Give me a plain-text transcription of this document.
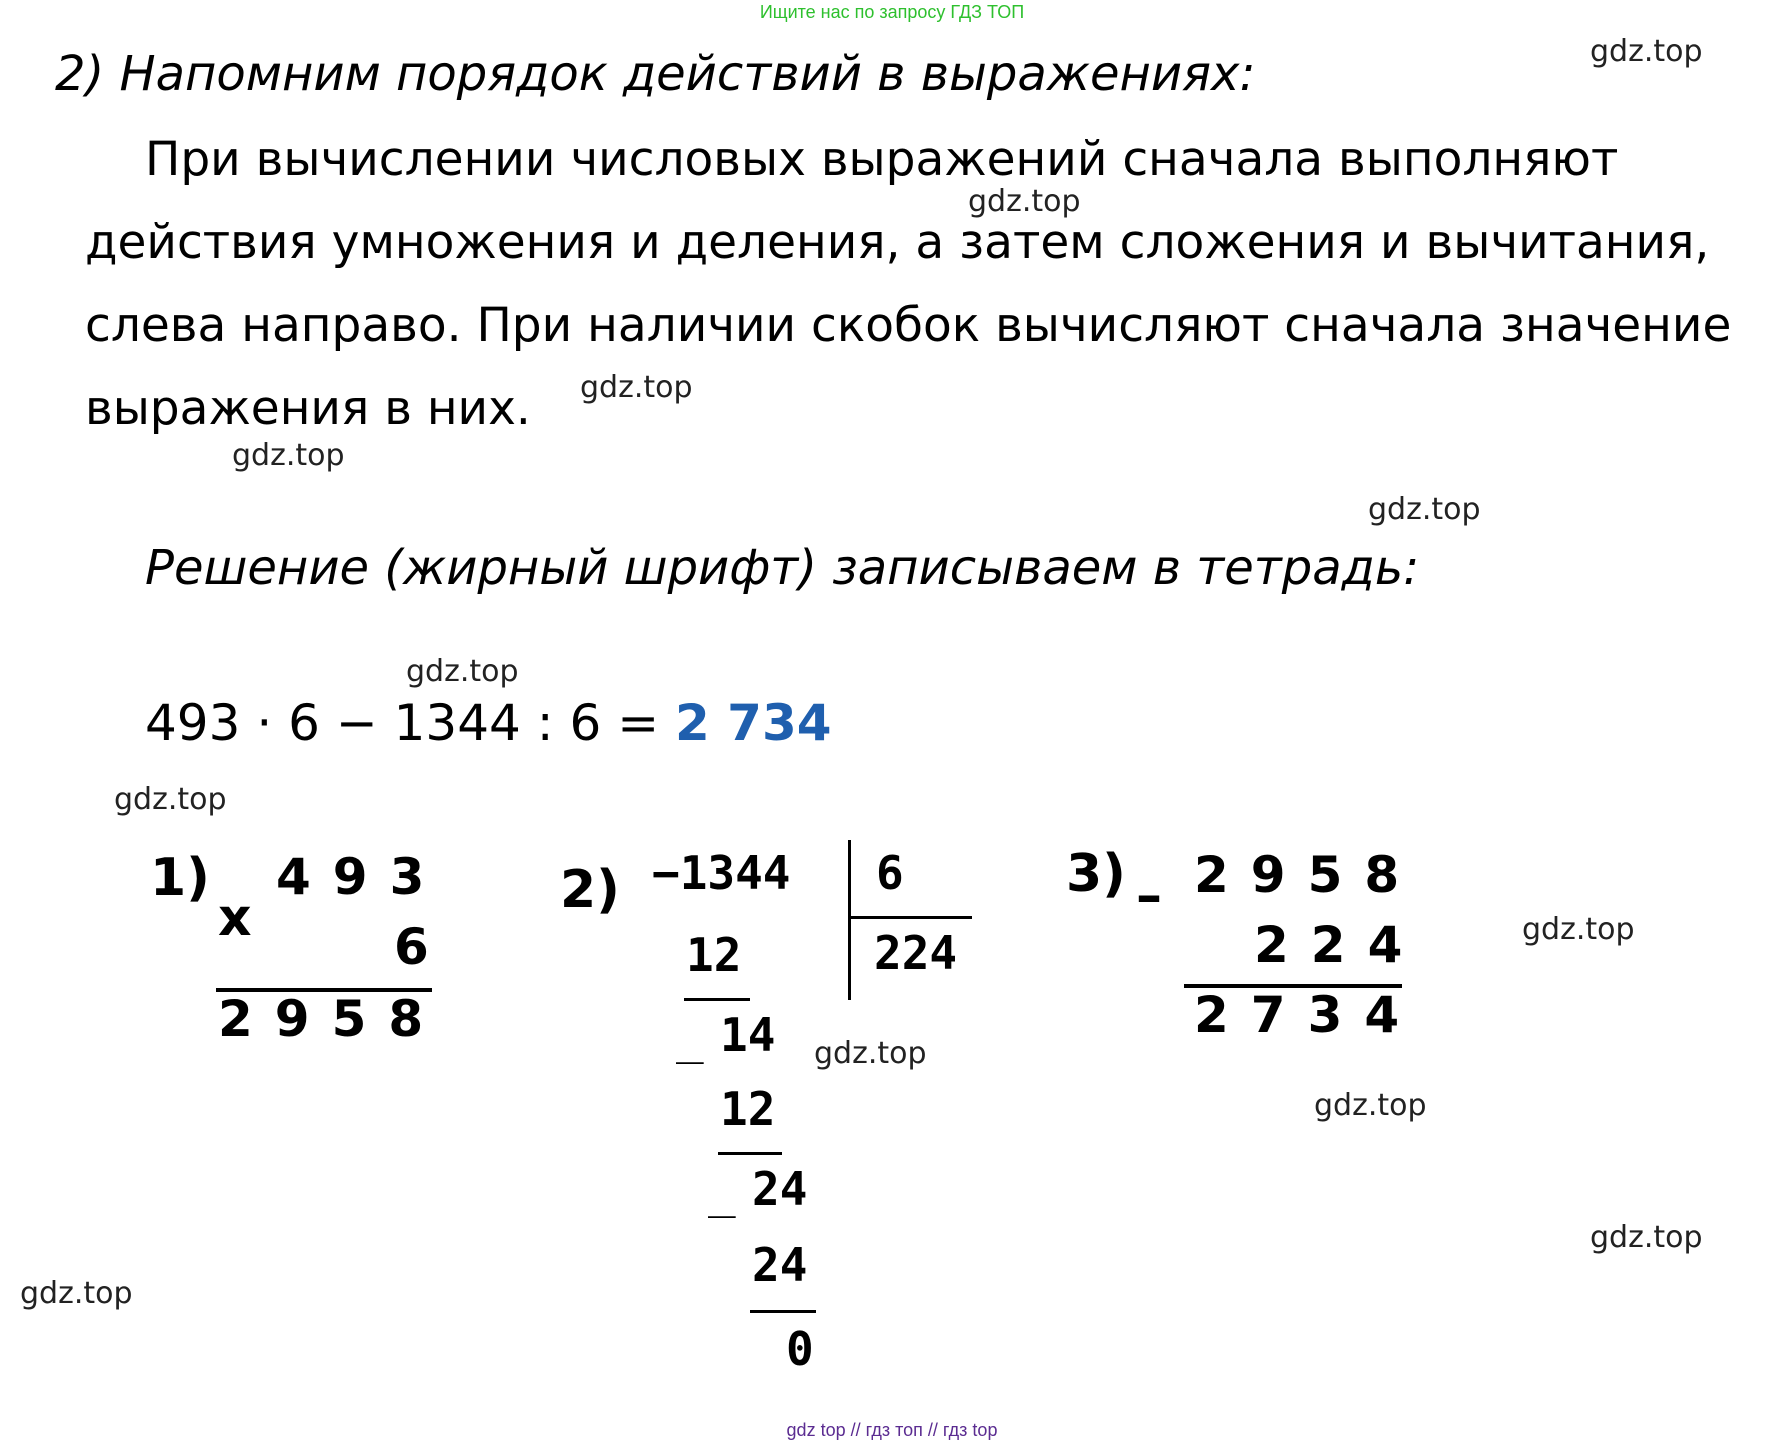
Ищите нас по запросу ГДЗ ТОП
gdz.top
gdz.top
gdz.top
gdz.top
gdz.top
gdz.top
gdz.top
gdz.top
gdz.top
gdz.top
gdz.top
gdz.top
2) Напомним порядок действий в выражениях:
При вычислении числовых выражений сначала выполняют действия умножения и деления, а затем сложения и вычитания, слева направо. При наличии скобок вычисляют сначала значение выражения в них.
Решение (жирный шрифт) записываем в тетрадь:
493 · 6 − 1344 : 6 = 2 734
1)
x
493
6
2958
2) −1344 6
224
12
_ 14
12
_ 24
24
0
3) – 2958
224
2734
gdz top // гдз топ // гдз top
